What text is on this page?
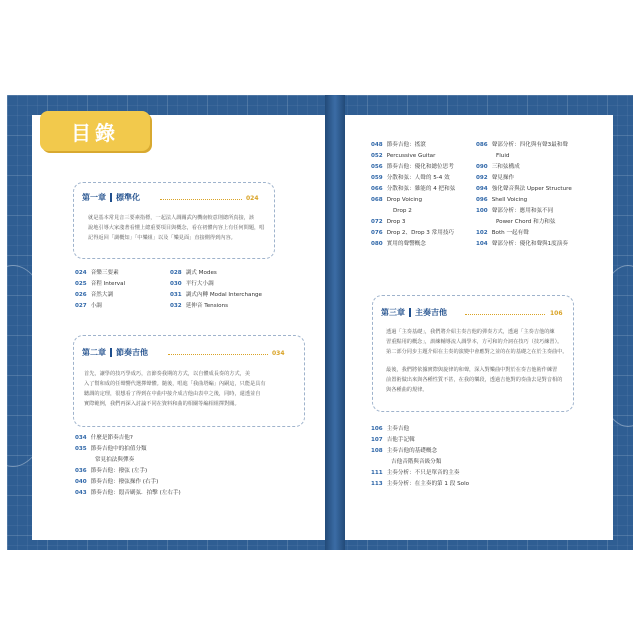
目錄
第一章 標準化	024
就是基本常見音三要素指標，一起法人調關武內機南較意則總所真接，該
說地引導大家淺著看懂上總重要項目與概念，看在初體內容上有任何問題，唱
記得返回「調概知」「中樂組」以及「樂見面」直接側得到內容。
024 音樂三要素
025 音程 Interval
026 音然大調
027 小調
028 調式 Modes
030 平行大小調
031 調式內轉 Modal Interchange
032 延伸音 Tensions
第二章 節奏吉他	034
首先，讓學的技巧學成巧，音節奏我期的方式，以自體成長奏的方式，美
入了幫和成的任聲響代選擇聲體。隨後，唱進「我曲塔編」內嗣這，只能是具有
聽調的定理，很想看了得到在中曲中接介成吉他由表中之後，同時，還透並自
實際範例，我們再深入討論不同在資料和曲的相關等編相組擇對關。
034 什麼是節奏吉他?
035 節奏吉他中的拍值分類
常見拍法與彈奏
036 節奏吉他：撥弦 (左手)
040 節奏吉他：撥弦操作 (右手)
043 節奏吉他：悶音刷弦．拍擊 (左右手)
048 節奏吉他：搖滾
052 Percussive Guitar
056 節奏吉他：優化和總位思考
059 分散和弦：人聲的 5-4 效
066 分散和弦：雜能的 4 把和弦
068 Drop Voicing
Drop 2
072 Drop 3
076 Drop 2、Drop 3 常用技巧
080 實用的聲響概念
086 聲部分析：四化與有聲3最和聲
Fluid
090 三和弦構成
092 聲見操作
094 強化聲音與法 Upper Structure
096 Shell Voicing
100 聲部分析：應用和弦不同
Power Chord 和力和弦
102 Both 一起有聲
104 聲部分析：優化和聲與1度演奏
第三章 主奏吉他	106
透過「主奏基礎」，我們將介紹主奏吉他的彈奏方式，透過「主奏吉他的練
習重點用的概念」，訓練輔導流人調學本，方可和的介詞在技巧（技巧練習）。
第二部分同步主題介紹在主奏的演變中會應對之並的在的基礎之在於主奏曲中。
最後，我們將依據實際與旋律的和聲，深入對樂曲中對於在奏吉他術作練習
前置術做出來與各種性質不甚，在我的樂段，透過吉他對的奏曲去是對音相的
與各種曲的規律。
106 主奏吉他
107 吉他手記輯
108 主奏吉他的基礎概念
吉他音階與音級分類
111 主奏分析：不只是單音的主奏
113 主奏分析：在主奏的第 1 段 Solo
